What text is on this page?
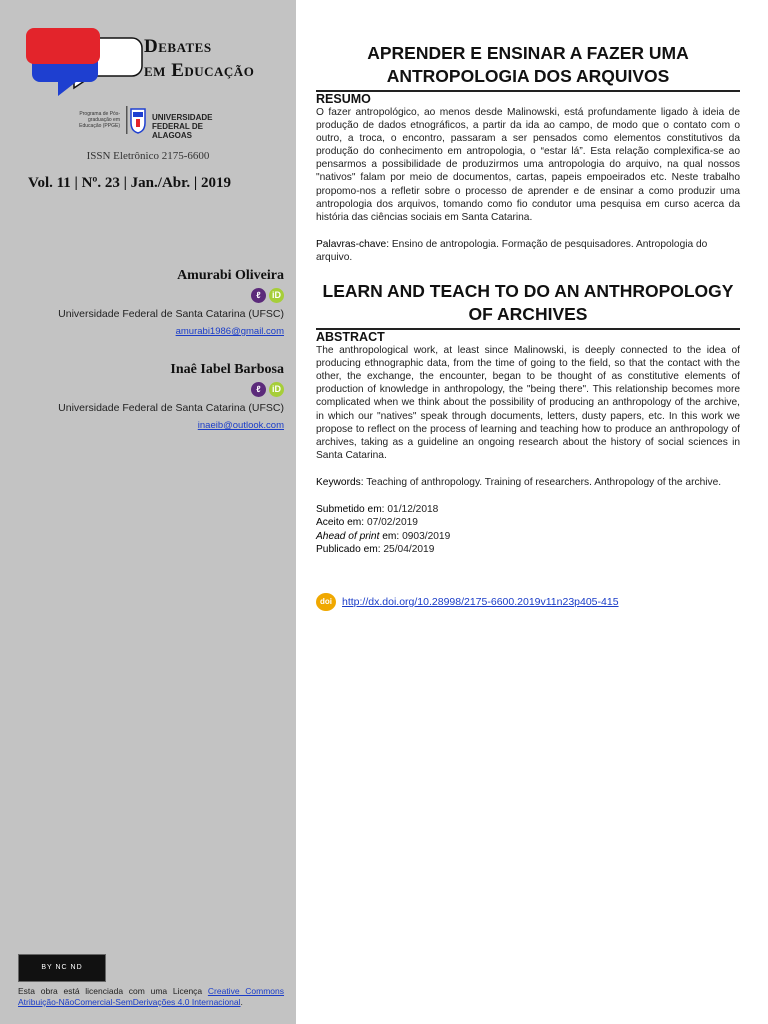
Debates
em Educação
Programa de Pós-graduação em Educação (PPGE)
UNIVERSIDADE FEDERAL DE ALAGOAS
ISSN Eletrônico 2175-6600
Vol. 11 | Nº. 23 | Jan./Abr. | 2019
Amurabi Oliveira
ℓ iD
Universidade Federal de Santa Catarina (UFSC)
amurabi1986@gmail.com
Inaê Iabel Barbosa
ℓ iD
Universidade Federal de Santa Catarina (UFSC)
inaeib@outlook.com
BY NC ND
Esta obra está licenciada com uma Licença Creative Commons Atribuição-NãoComercial-SemDerivações 4.0 Internacional.
APRENDER E ENSINAR A FAZER UMA ANTROPOLOGIA DOS ARQUIVOS
RESUMO
O fazer antropológico, ao menos desde Malinowski, está profundamente ligado à ideia de produção de dados etnográficos, a partir da ida ao campo, de modo que o contato com o outro, a troca, o encontro, passaram a ser pensados como elementos constitutivos da produção do conhecimento em antropologia, o “estar lá”. Esta relação complexifica-se ao pensarmos a possibilidade de produzirmos uma antropologia do arquivo, na qual nossos "nativos" falam por meio de documentos, cartas, papeis empoeirados etc. Neste trabalho propomo-nos a refletir sobre o processo de aprender e de ensinar a como produzir uma antropologia dos arquivos, tomando como fio condutor uma pesquisa em curso acerca da história das ciências sociais em Santa Catarina.
Palavras-chave: Ensino de antropologia. Formação de pesquisadores. Antropologia do arquivo.
LEARN AND TEACH TO DO AN ANTHROPOLOGY OF ARCHIVES
ABSTRACT
The anthropological work, at least since Malinowski, is deeply connected to the idea of producing ethnographic data, from the time of going to the field, so that the contact with the other, the exchange, the encounter, began to be thought of as constitutive elements of production of knowledge in anthropology, the "being there". This relationship becomes more complicated when we think about the possibility of producing an anthropology of the archive, in which our "natives" speak through documents, letters, dusty papers, etc. In this work we propose to reflect on the process of learning and teaching how to produce an anthropology of archives, taking as a guideline an ongoing research about the history of social sciences in Santa Catarina.
Keywords: Teaching of anthropology. Training of researchers. Anthropology of the archive.
Submetido em: 01/12/2018
Aceito em: 07/02/2019
Ahead of print em: 0903/2019
Publicado em: 25/04/2019
doi http://dx.doi.org/10.28998/2175-6600.2019v11n23p405-415
